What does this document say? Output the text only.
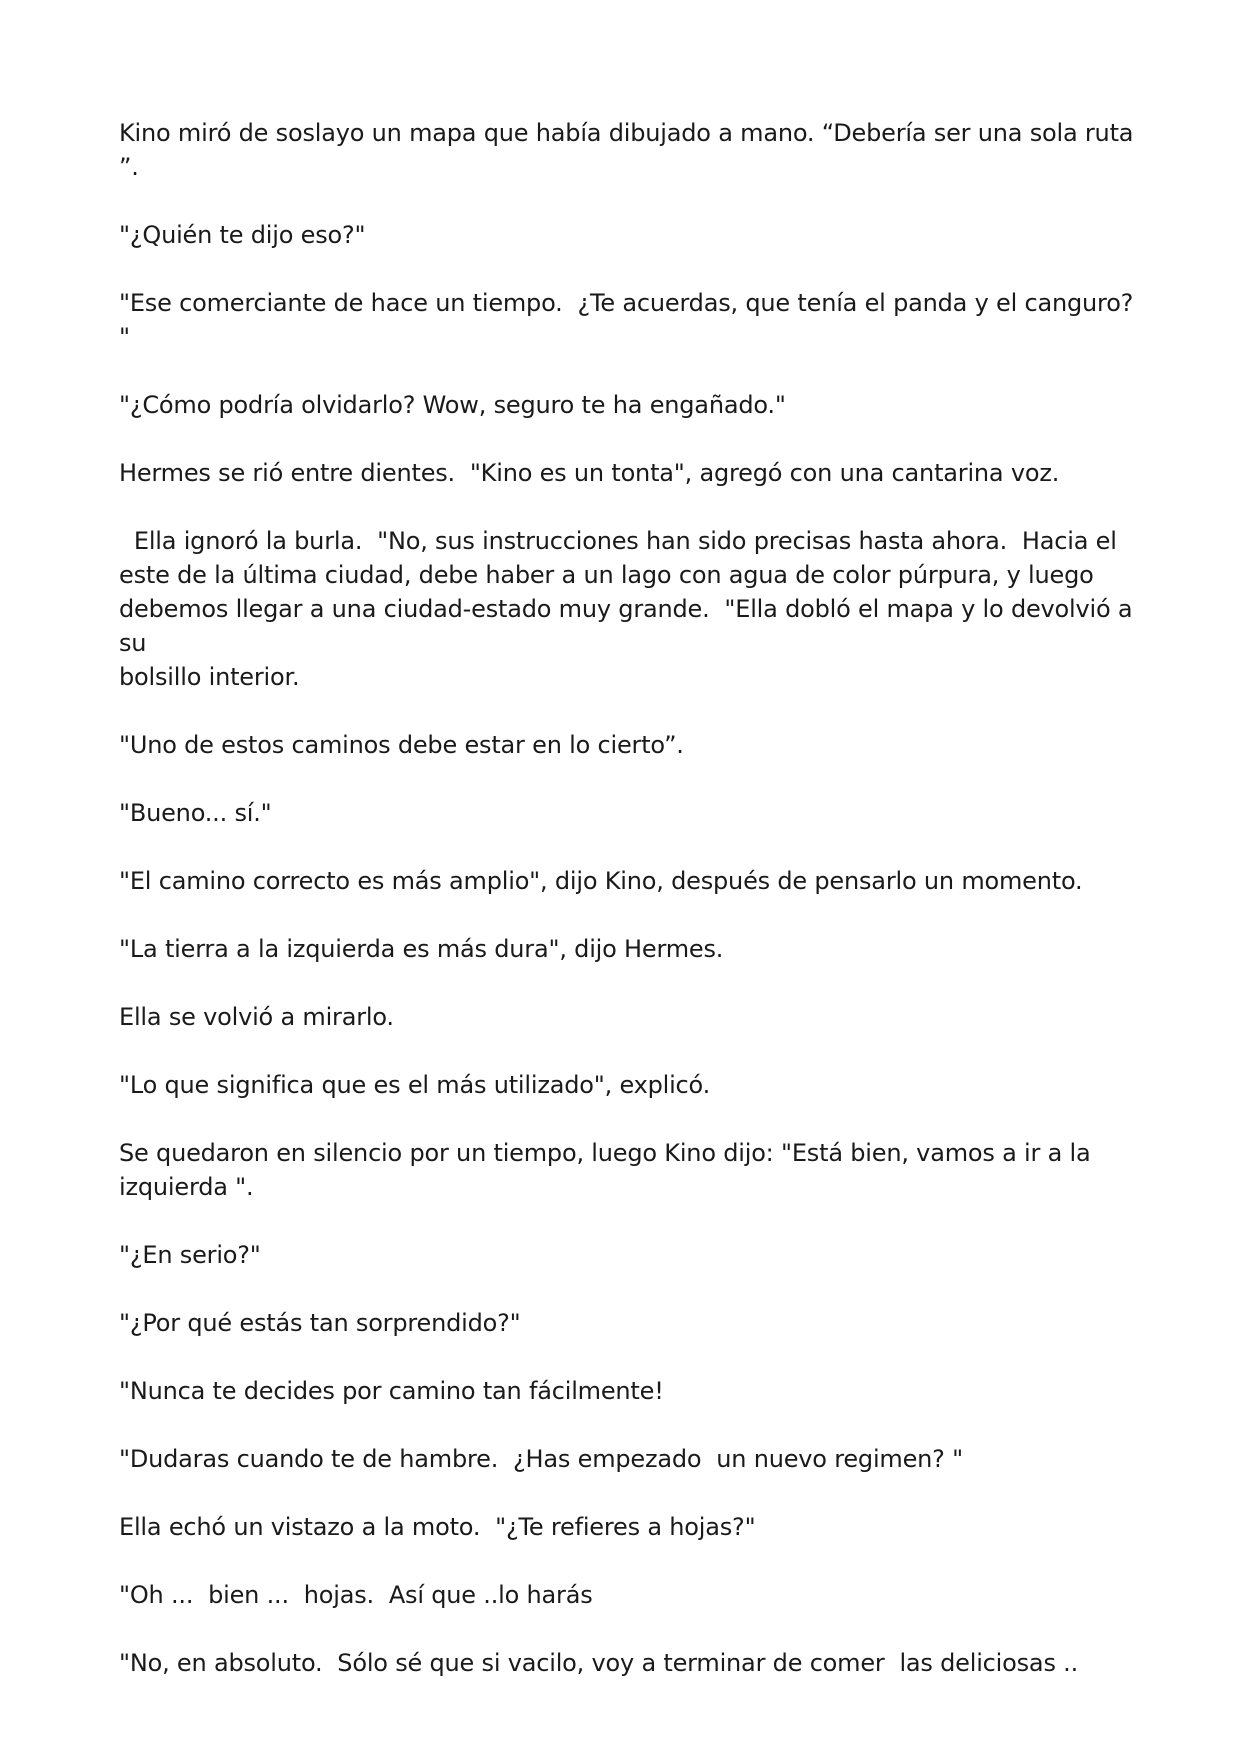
Kino miró de soslayo un mapa que había dibujado a mano. “Debería ser una sola ruta
”.

"¿Quién te dijo eso?"

"Ese comerciante de hace un tiempo.  ¿Te acuerdas, que tenía el panda y el canguro? "

"¿Cómo podría olvidarlo? Wow, seguro te ha engañado."

Hermes se rió entre dientes.  "Kino es un tonta", agregó con una cantarina voz.

Ella ignoró la burla.  "No, sus instrucciones han sido precisas hasta ahora.  Hacia el
este de la última ciudad, debe haber a un lago con agua de color púrpura, y luego
debemos llegar a una ciudad-estado muy grande.  "Ella dobló el mapa y lo devolvió a su
bolsillo interior.

"Uno de estos caminos debe estar en lo cierto”.

"Bueno... sí."

"El camino correcto es más amplio", dijo Kino, después de pensarlo un momento.

"La tierra a la izquierda es más dura", dijo Hermes.

Ella se volvió a mirarlo.

"Lo que significa que es el más utilizado", explicó.

Se quedaron en silencio por un tiempo, luego Kino dijo: "Está bien, vamos a ir a la
izquierda ".

"¿En serio?"

"¿Por qué estás tan sorprendido?"

"Nunca te decides por camino tan fácilmente!

"Dudaras cuando te de hambre.  ¿Has empezado  un nuevo regimen? "

Ella echó un vistazo a la moto.  "¿Te refieres a hojas?"

"Oh ...  bien ...  hojas.  Así que ..lo harás

"No, en absoluto.  Sólo sé que si vacilo, voy a terminar de comer  las deliciosas ..
